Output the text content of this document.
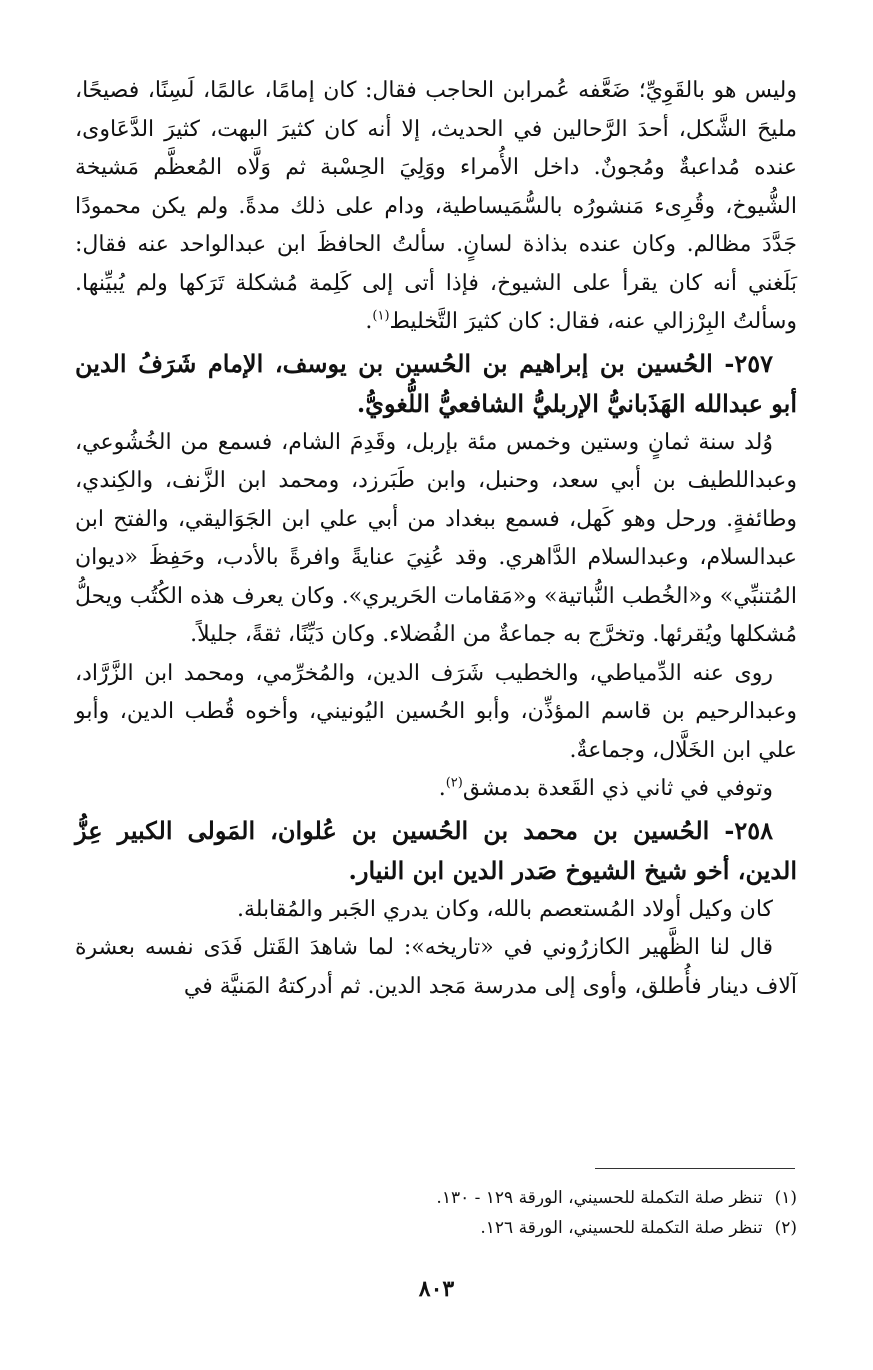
وليس هو بالقَوِيِّ؛ ضَعَّفه عُمرابن الحاجب فقال: كان إمامًا، عالمًا، لَسِنًا، فصيحًا، مليحَ الشَّكل، أحدَ الرَّحالين في الحديث، إلا أنه كان كثيرَ البهت، كثيرَ الدَّعَاوى، عنده مُداعبةٌ ومُجونٌ. داخل الأُمراء ووَلِيَ الحِسْبة ثم وَلَّاه المُعظَّم مَشيخة الشُّيوخ، وقُرِىء مَنشورُه بالسُّمَيساطية، ودام على ذلك مدةً. ولم يكن محمودًا جَدَّدَ مظالم. وكان عنده بذاذة لسانٍ. سألتُ الحافظَ ابن عبدالواحد عنه فقال: بَلَغني أنه كان يقرأ على الشيوخ، فإذا أتى إلى كَلِمة مُشكلة تَرَكها ولم يُبيِّنها. وسألتُ البِرْزالي عنه، فقال: كان كثيرَ التَّخليط$^{(١)}$.

٢٥٧- الحُسين بن إبراهيم بن الحُسين بن يوسف، الإمام شَرَفُ الدين أبو عبدالله الهَذَبانيُّ الإربليُّ الشافعيُّ اللُّغويُّ.

وُلد سنة ثمانٍ وستين وخمس مئة بإربل، وقَدِمَ الشام، فسمع من الخُشُوعي، وعبداللطيف بن أبي سعد، وحنبل، وابن طَبَرزد، ومحمد ابن الزَّنف، والكِندي، وطائفةٍ. ورحل وهو كَهل، فسمع ببغداد من أبي علي ابن الجَوَاليقي، والفتح ابن عبدالسلام، وعبدالسلام الدَّاهري. وقد عُنِيَ عنايةً وافرةً بالأدب، وحَفِظَ «ديوان المُتنبِّي» و«الخُطب النُّباتية» و«مَقامات الحَريري». وكان يعرف هذه الكُتُب ويحلُّ مُشكلها ويُقرئها. وتخرَّج به جماعةٌ من الفُضلاء. وكان دَيِّنًا، ثقةً، جليلاً.

روى عنه الدِّمياطي، والخطيب شَرَف الدين، والمُخرِّمي، ومحمد ابن الزَّرَّاد، وعبدالرحيم بن قاسم المؤذِّن، وأبو الحُسين اليُونيني، وأخوه قُطب الدين، وأبو علي ابن الخَلَّال، وجماعةٌ.

وتوفي في ثاني ذي القَعدة بدمشق$^{(٢)}$.

٢٥٨- الحُسين بن محمد بن الحُسين بن عُلوان، المَولى الكبير عِزُّ الدين، أخو شيخ الشيوخ صَدر الدين ابن النيار.

كان وكيل أولاد المُستعصم بالله، وكان يدري الجَبر والمُقابلة.

قال لنا الظَّهير الكازرُوني في «تاريخه»: لما شاهدَ القَتل فَدَى نفسه بعشرة آلاف دينار فأُطلق، وأوى إلى مدرسة مَجد الدين. ثم أدركتهُ المَنيَّة في

(١)تنظر صلة التكملة للحسيني، الورقة ١٢٩ - ١٣٠.
(٢)تنظر صلة التكملة للحسيني، الورقة ١٢٦.
٨٠٣
